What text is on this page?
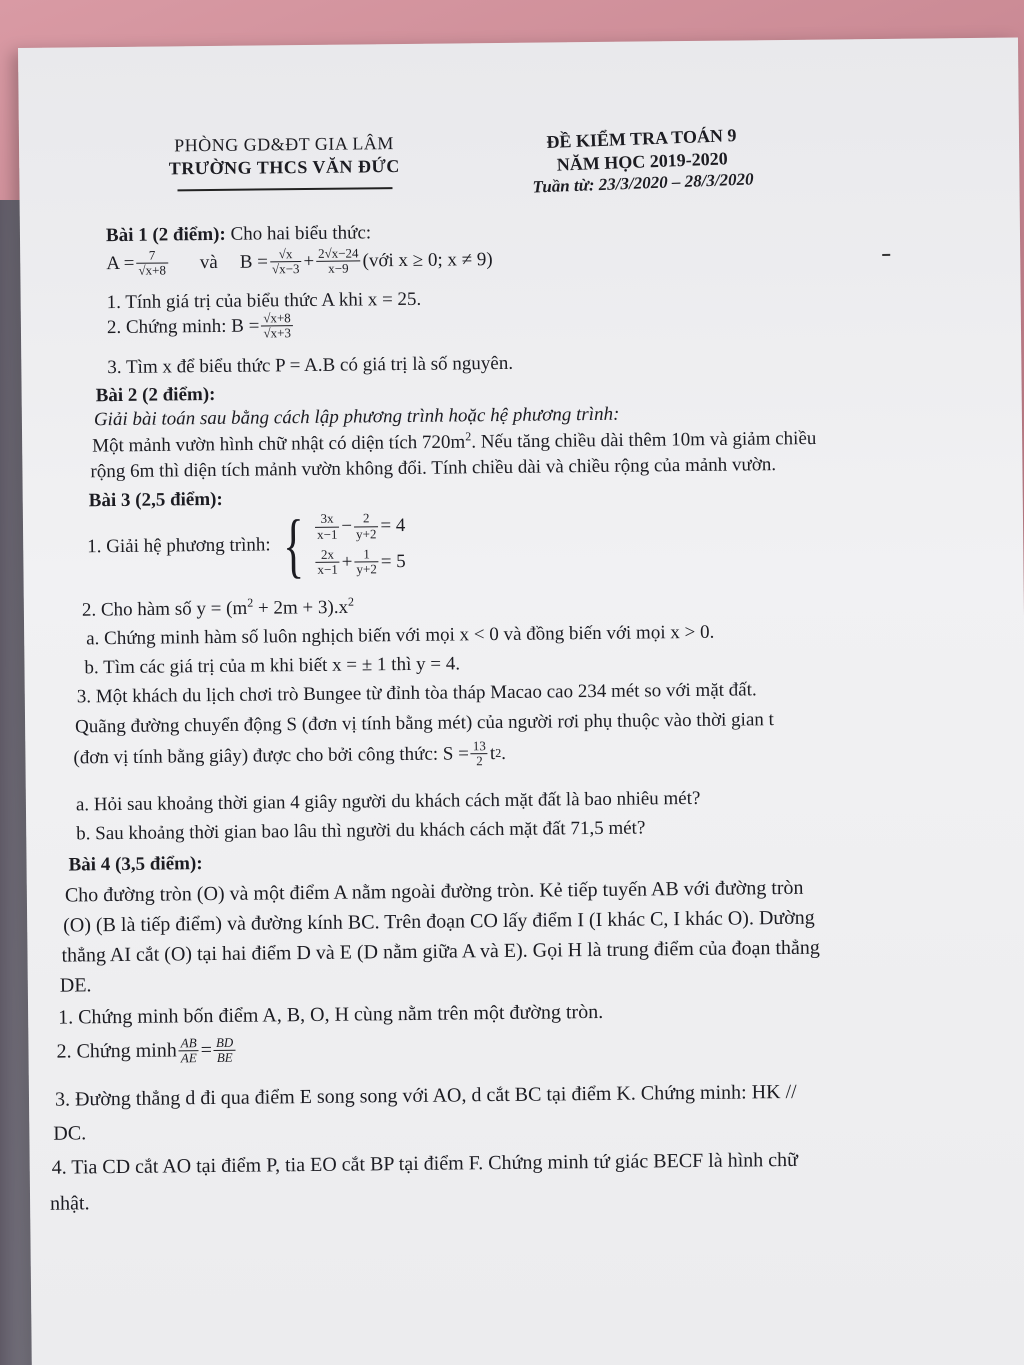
PHÒNG GD&ĐT GIA LÂM
TRƯỜNG THCS VĂN ĐỨC
ĐỀ KIỂM TRA TOÁN 9
NĂM HỌC 2019-2020
Tuần từ: 23/3/2020 – 28/3/2020
Bài 1 (2 điểm): Cho hai biểu thức:
$A = \frac{7}{√x+8}$ và $B = \frac{√x}{√x-3} + \frac{2√x-24}{x-9}$ (với x ≥ 0; x ≠ 9)
1. Tính giá trị của biểu thức A khi x = 25.
2. Chứng minh: $B = \frac{√x+8}{√x+3}$
3. Tìm x để biểu thức P = A.B có giá trị là số nguyên.
Bài 2 (2 điểm):
Giải bài toán sau bằng cách lập phương trình hoặc hệ phương trình:
Một mảnh vườn hình chữ nhật có diện tích $720m^2$. Nếu tăng chiều dài thêm 10m và giảm chiều
rộng 6m thì diện tích mảnh vườn không đổi. Tính chiều dài và chiều rộng của mảnh vườn.
Bài 3 (2,5 điểm):
1. Giải hệ phương trình: { $\frac{3x}{x-1} - \frac{2}{y+2} = 4$
$\frac{2x}{x-1} + \frac{1}{y+2} = 5$
2. Cho hàm số $y = (m^2 + 2m + 3).x^2$
a. Chứng minh hàm số luôn nghịch biến với mọi x < 0 và đồng biến với mọi x > 0.
b. Tìm các giá trị của m khi biết x = ± 1 thì y = 4.
3. Một khách du lịch chơi trò Bungee từ đỉnh tòa tháp Macao cao 234 mét so với mặt đất.
Quãng đường chuyển động S (đơn vị tính bằng mét) của người rơi phụ thuộc vào thời gian t
(đơn vị tính bằng giây) được cho bởi công thức: $S = \frac{13}{2}$ t 2 .
a. Hỏi sau khoảng thời gian 4 giây người du khách cách mặt đất là bao nhiêu mét?
b. Sau khoảng thời gian bao lâu thì người du khách cách mặt đất 71,5 mét?
Bài 4 (3,5 điểm):
Cho đường tròn (O) và một điểm A nằm ngoài đường tròn. Kẻ tiếp tuyến AB với đường tròn
(O) (B là tiếp điểm) và đường kính BC. Trên đoạn CO lấy điểm I (I khác C, I khác O). Dường
thẳng AI cắt (O) tại hai điểm D và E (D nằm giữa A và E). Gọi H là trung điểm của đoạn thẳng
DE.
1. Chứng minh bốn điểm A, B, O, H cùng nằm trên một đường tròn.
2. Chứng minh $\frac{AB}{AE} = \frac{BD}{BE}$
3. Đường thẳng d đi qua điểm E song song với AO, d cắt BC tại điểm K. Chứng minh: HK //
DC.
4. Tia CD cắt AO tại điểm P, tia EO cắt BP tại điểm F. Chứng minh tứ giác BECF là hình chữ
nhật.
